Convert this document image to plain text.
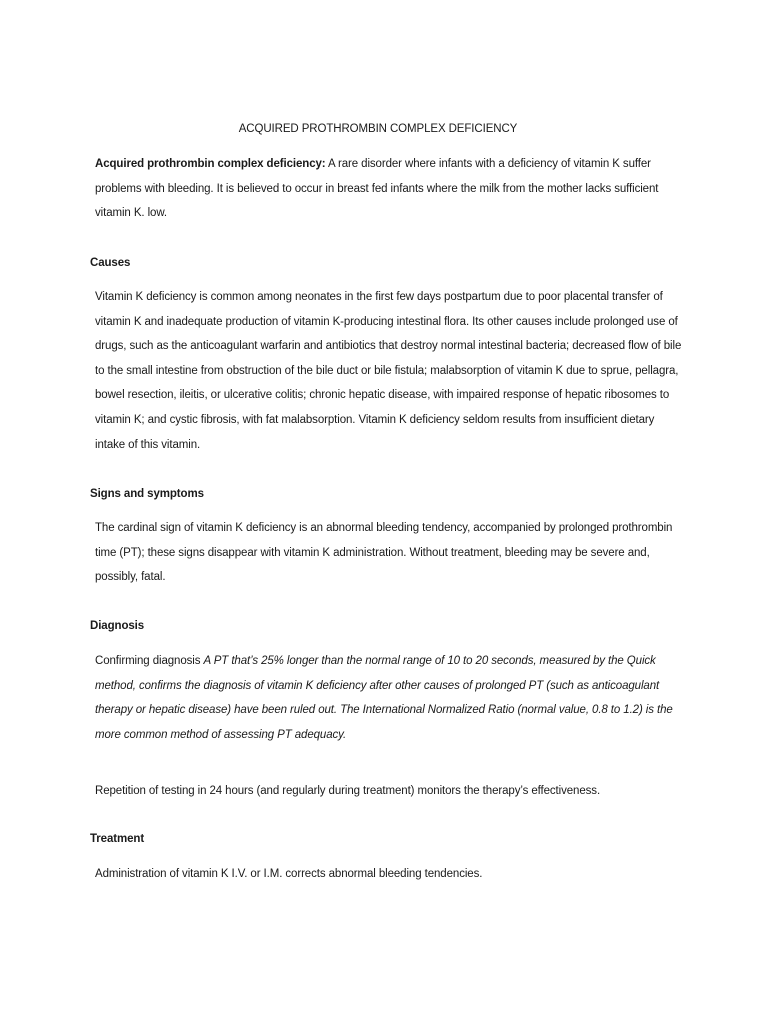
ACQUIRED PROTHROMBIN COMPLEX DEFICIENCY
Acquired prothrombin complex deficiency: A rare disorder where infants with a deficiency of vitamin K suffer problems with bleeding. It is believed to occur in breast fed infants where the milk from the mother lacks sufficient vitamin K. low.
Causes
Vitamin K deficiency is common among neonates in the first few days postpartum due to poor placental transfer of vitamin K and inadequate production of vitamin K-producing intestinal flora. Its other causes include prolonged use of drugs, such as the anticoagulant warfarin and antibiotics that destroy normal intestinal bacteria; decreased flow of bile to the small intestine from obstruction of the bile duct or bile fistula; malabsorption of vitamin K due to sprue, pellagra, bowel resection, ileitis, or ulcerative colitis; chronic hepatic disease, with impaired response of hepatic ribosomes to vitamin K; and cystic fibrosis, with fat malabsorption. Vitamin K deficiency seldom results from insufficient dietary intake of this vitamin.
Signs and symptoms
The cardinal sign of vitamin K deficiency is an abnormal bleeding tendency, accompanied by prolonged prothrombin time (PT); these signs disappear with vitamin K administration. Without treatment, bleeding may be severe and, possibly, fatal.
Diagnosis
Confirming diagnosis A PT that’s 25% longer than the normal range of 10 to 20 seconds, measured by the Quick method, confirms the diagnosis of vitamin K deficiency after other causes of prolonged PT (such as anticoagulant therapy or hepatic disease) have been ruled out. The International Normalized Ratio (normal value, 0.8 to 1.2) is the more common method of assessing PT adequacy.
Repetition of testing in 24 hours (and regularly during treatment) monitors the therapy’s effectiveness.
Treatment
Administration of vitamin K I.V. or I.M. corrects abnormal bleeding tendencies.
